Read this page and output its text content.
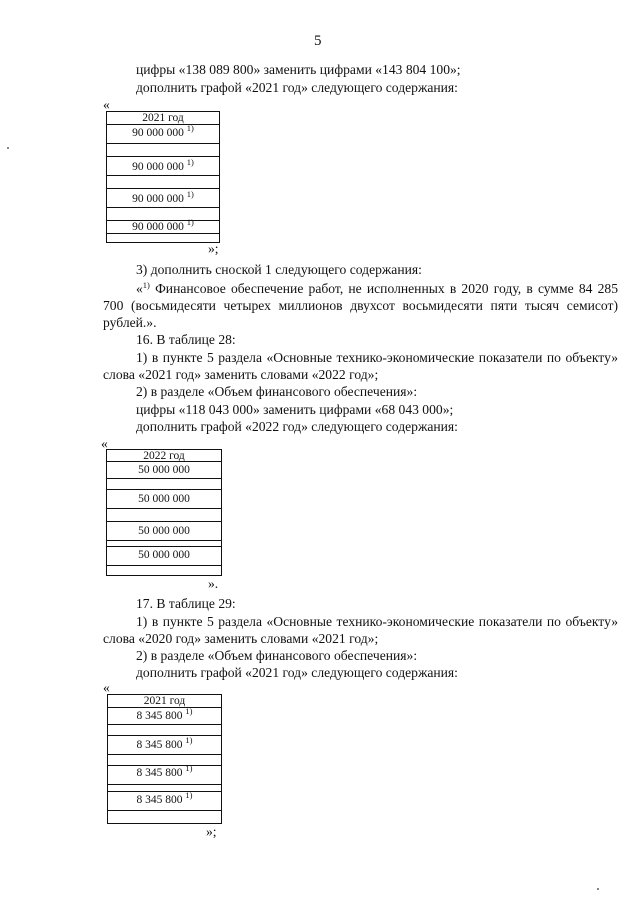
5
цифры «138 089 800» заменить цифрами «143 804 100»;
дополнить графой «2021 год» следующего содержания:
«
2021 год
90 000 000 $^{1)}$
90 000 000 $^{1)}$
90 000 000 $^{1)}$
90 000 000 $^{1)}$
»;
3) дополнить сноской 1 следующего содержания:
«$^{1)}$ Финансовое обеспечение работ, не исполненных в 2020 году, в сумме 84 285 700 (восьмидесяти четырех миллионов двухсот восьмидесяти пяти тысяч семисот) рублей.».
16. В таблице 28:
1) в пункте 5 раздела «Основные технико-экономические показатели по объекту» слова «2021 год» заменить словами «2022 год»;
2) в разделе «Объем финансового обеспечения»:
цифры «118 043 000» заменить цифрами «68 043 000»;
дополнить графой «2022 год» следующего содержания:
«
2022 год
50 000 000
50 000 000
50 000 000
50 000 000
».
17. В таблице 29:
1) в пункте 5 раздела «Основные технико-экономические показатели по объекту» слова «2020 год» заменить словами «2021 год»;
2) в разделе «Объем финансового обеспечения»:
дополнить графой «2021 год» следующего содержания:
«
2021 год
8 345 800 $^{1)}$
8 345 800 $^{1)}$
8 345 800 $^{1)}$
8 345 800 $^{1)}$
»;
